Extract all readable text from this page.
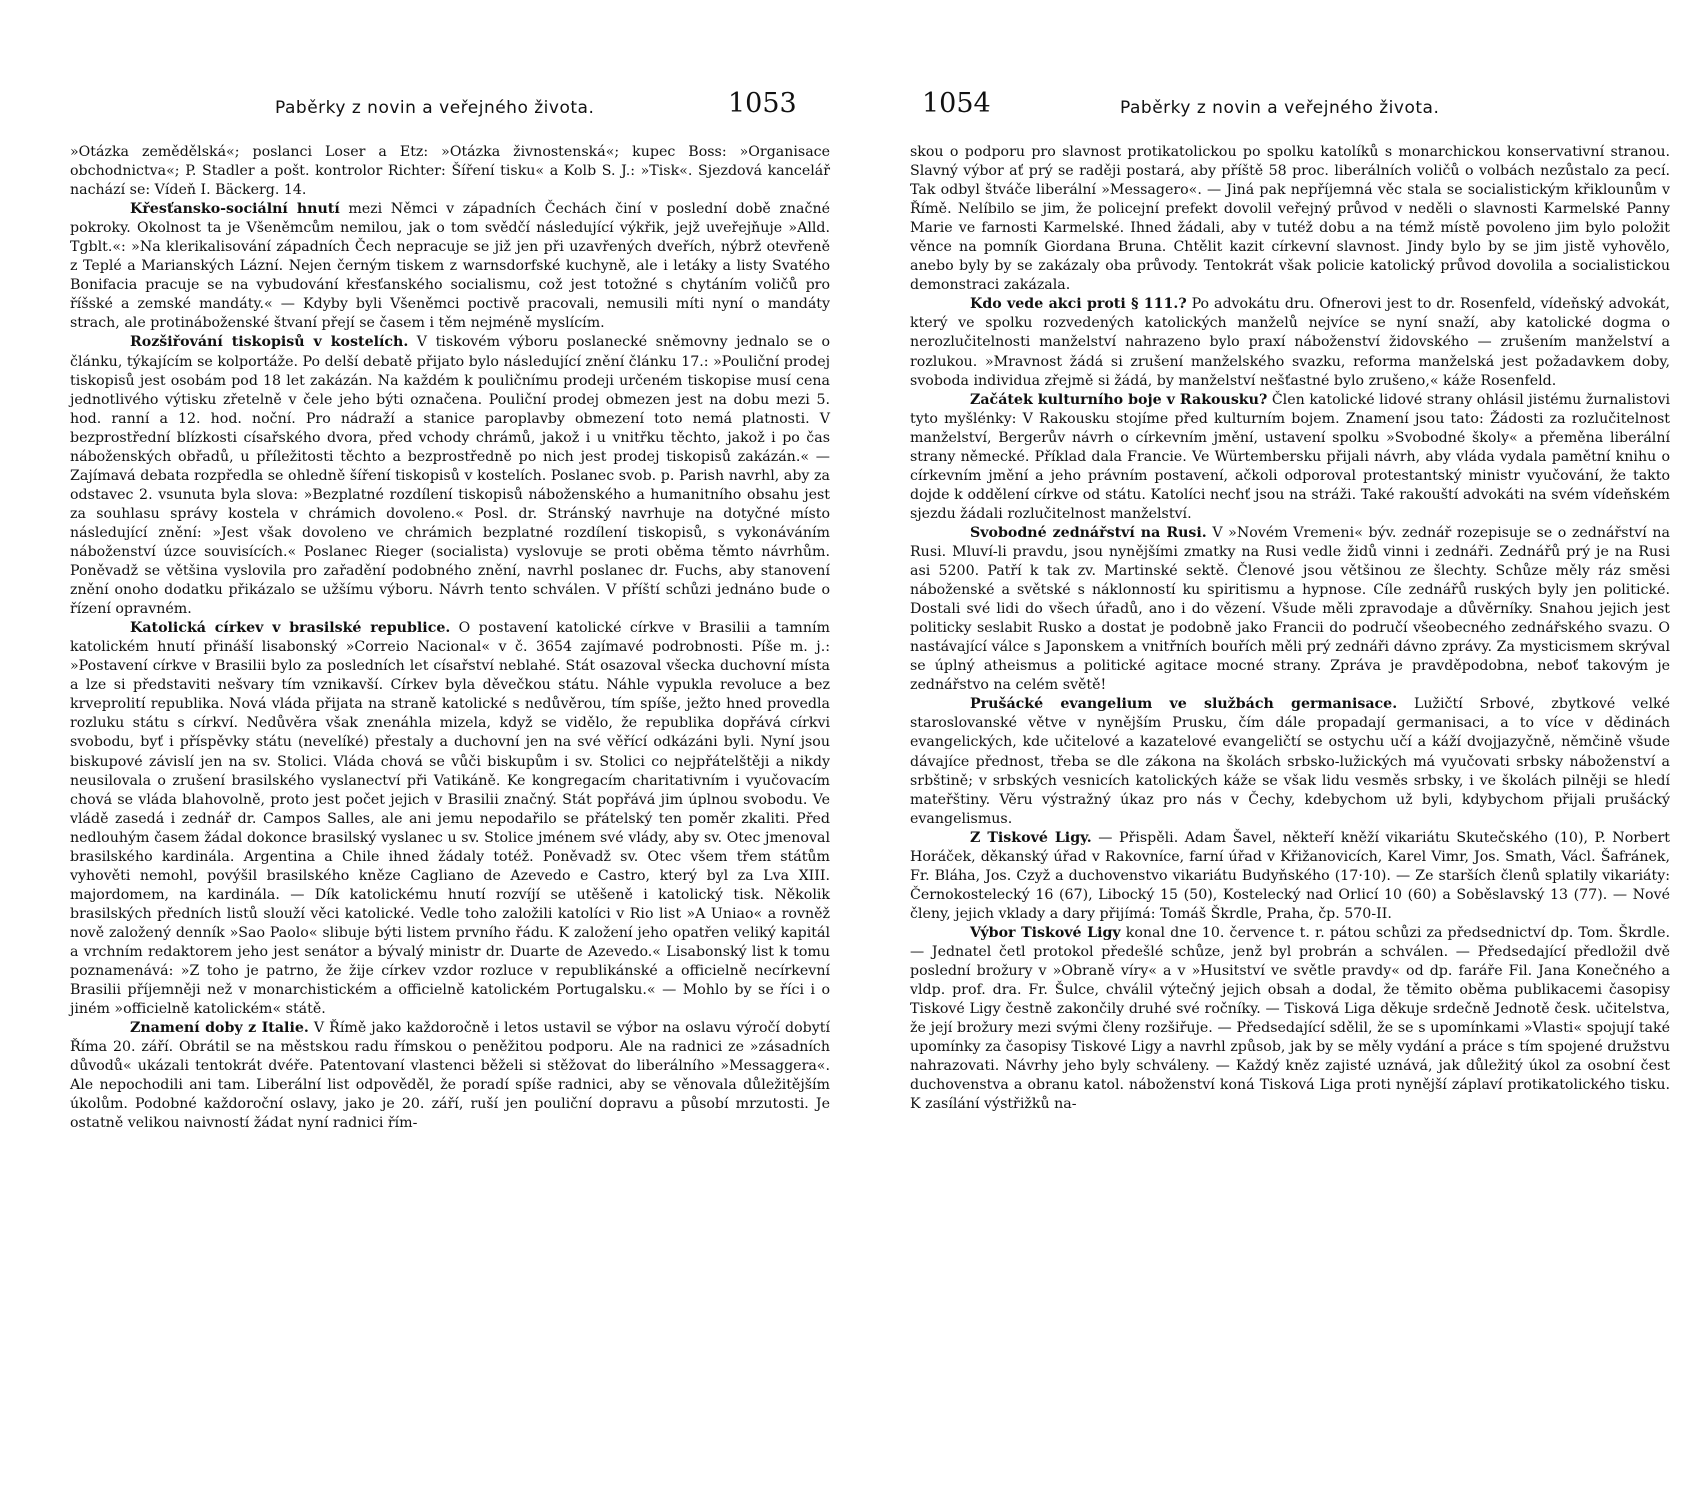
Paběrky z novin a veřejného života.	1053

»Otázka zemědělská«; poslanci Loser a Etz: »Otázka živnostenská«; kupec Boss: »Organisace obchodnictva«; P. Stadler a pošt. kontrolor Richter: Šíření tisku« a Kolb S. J.: »Tisk«. Sjezdová kancelář nachází se: Vídeň I. Bäckerg. 14.

Křesťansko-sociální hnutí mezi Němci v západních Čechách činí v poslední době značné pokroky. Okolnost ta je Všeněmcům nemilou, jak o tom svědčí následující výkřik, jejž uveřejňuje »Alld. Tgblt.«: »Na klerikalisování západních Čech nepracuje se již jen při uzavřených dveřích, nýbrž otevřeně z Teplé a Marianských Lázní. Nejen černým tiskem z warnsdorfské kuchyně, ale i letáky a listy Svatého Bonifacia pracuje se na vybudování křesťanského socialismu, což jest totožné s chytáním voličů pro říšské a zemské mandáty.« — Kdyby byli Všeněmci poctivě pracovali, nemusili míti nyní o mandáty strach, ale protináboženské štvaní přejí se časem i těm nejméně myslícím.

Rozšiřování tiskopisů v kostelích. V tiskovém výboru poslanecké sněmovny jednalo se o článku, týkajícím se kolportáže. Po delší debatě přijato bylo následující znění článku 17.: »Pouliční prodej tiskopisů jest osobám pod 18 let zakázán. Na každém k pouličnímu prodeji určeném tiskopise musí cena jednotlivého výtisku zřetelně v čele jeho býti označena. Pouliční prodej obmezen jest na dobu mezi 5. hod. ranní a 12. hod. noční. Pro nádraží a stanice paroplavby obmezení toto nemá platnosti. V bezprostřední blízkosti císařského dvora, před vchody chrámů, jakož i u vnitřku těchto, jakož i po čas náboženských obřadů, u příležitosti těchto a bezprostředně po nich jest prodej tiskopisů zakázán.« — Zajímavá debata rozpředla se ohledně šíření tiskopisů v kostelích. Poslanec svob. p. Parish navrhl, aby za odstavec 2. vsunuta byla slova: »Bezplatné rozdílení tiskopisů náboženského a humanitního obsahu jest za souhlasu správy kostela v chrámich dovoleno.« Posl. dr. Stránský navrhuje na dotyčné místo následující znění: »Jest však dovoleno ve chrámich bezplatné rozdílení tiskopisů, s vykonáváním náboženství úzce souvisících.« Poslanec Rieger (socialista) vyslovuje se proti oběma těmto návrhům. Poněvadž se většina vyslovila pro zařadění podobného znění, navrhl poslanec dr. Fuchs, aby stanovení znění onoho dodatku přikázalo se užšímu výboru. Návrh tento schválen. V příští schůzi jednáno bude o řízení opravném.

Katolická církev v brasilské republice. O postavení katolické církve v Brasilii a tamním katolickém hnutí přináší lisabonský »Correio Nacional« v č. 3654 zajímavé podrobnosti. Píše m. j.: »Postavení církve v Brasilii bylo za posledních let císařství neblahé. Stát osazoval všecka duchovní místa a lze si představiti nešvary tím vznikavší. Církev byla děvečkou státu. Náhle vypukla revoluce a bez krveprolití republika. Nová vláda přijata na straně katolické s nedůvěrou, tím spíše, ježto hned provedla rozluku státu s církví. Nedůvěra však znenáhla mizela, když se vidělo, že republika dopřává církvi svobodu, byť i příspěvky státu (nevelíké) přestaly a duchovní jen na své věřící odkázáni byli. Nyní jsou biskupové závislí jen na sv. Stolici. Vláda chová se vůči biskupům i sv. Stolici co nejpřátelštěji a nikdy neusilovala o zrušení brasilského vyslanectví při Vatikáně. Ke kongregacím charitativním i vyučovacím chová se vláda blahovolně, proto jest počet jejich v Brasilii značný. Stát popřává jim úplnou svobodu. Ve vládě zasedá i zednář dr. Campos Salles, ale ani jemu nepodařilo se přátelský ten poměr zkaliti. Před nedlouhým časem žádal dokonce brasilský vyslanec u sv. Stolice jménem své vlády, aby sv. Otec jmenoval brasilského kardinála. Argentina a Chile ihned žádaly totéž. Poněvadž sv. Otec všem třem státům vyhověti nemohl, povýšil brasilského kněze Cagliano de Azevedo e Castro, který byl za Lva XIII. majordomem, na kardinála. — Dík katolickému hnutí rozvíjí se utěšeně i katolický tisk. Několik brasilských předních listů slouží věci katolické. Vedle toho založili katolíci v Rio list »A Uniao« a rovněž nově založený denník »Sao Paolo« slibuje býti listem prvního řádu. K založení jeho opatřen veliký kapitál a vrchním redaktorem jeho jest senátor a bývalý ministr dr. Duarte de Azevedo.« Lisabonský list k tomu poznamenává: »Z toho je patrno, že žije církev vzdor rozluce v republikánské a officielně necírkevní Brasilii příjemněji než v monarchistickém a officielně katolickém Portugalsku.« — Mohlo by se říci i o jiném »officielně katolickém« státě.

Znamení doby z Italie. V Římě jako každoročně i letos ustavil se výbor na oslavu výročí dobytí Říma 20. září. Obrátil se na městskou radu římskou o peněžitou podporu. Ale na radnici ze »zásadních důvodů« ukázali tentokrát dvéře. Patentovaní vlastenci běželi si stěžovat do liberálního »Messaggera«. Ale nepochodili ani tam. Liberální list odpověděl, že poradí spíše radnici, aby se věnovala důležitějším úkolům. Podobné každoroční oslavy, jako je 20. září, ruší jen pouliční dopravu a působí mrzutosti. Je ostatně velikou naivností žádat nyní radnici řím-

1054	Paběrky z novin a veřejného života.

skou o podporu pro slavnost protikatolickou po spolku katolíků s monarchickou konservativní stranou. Slavný výbor ať prý se raději postará, aby příště 58 proc. liberálních voličů o volbách nezůstalo za pecí. Tak odbyl štváče liberální »Messagero«. — Jiná pak nepříjemná věc stala se socialistickým křiklounům v Římě. Nelíbilo se jim, že policejní prefekt dovolil veřejný průvod v neděli o slavnosti Karmelské Panny Marie ve farnosti Karmelské. Ihned žádali, aby v tutéž dobu a na témž místě povoleno jim bylo položit věnce na pomník Giordana Bruna. Chtělit kazit církevní slavnost. Jindy bylo by se jim jistě vyhovělo, anebo byly by se zakázaly oba průvody. Tentokrát však policie katolický průvod dovolila a socialistickou demonstraci zakázala.

Kdo vede akci proti § 111.? Po advokátu dru. Ofnerovi jest to dr. Rosenfeld, vídeňský advokát, který ve spolku rozvedených katolických manželů nejvíce se nyní snaží, aby katolické dogma o nerozlučitelnosti manželství nahrazeno bylo praxí náboženství židovského — zrušením manželství a rozlukou. »Mravnost žádá si zrušení manželského svazku, reforma manželská jest požadavkem doby, svoboda individua zřejmě si žádá, by manželství nešťastné bylo zrušeno,« káže Rosenfeld.

Začátek kulturního boje v Rakousku? Člen katolické lidové strany ohlásil jistému žurnalistovi tyto myšlénky: V Rakousku stojíme před kulturním bojem. Znamení jsou tato: Žádosti za rozlučitelnost manželství, Bergerův návrh o církevním jmění, ustavení spolku »Svobodné školy« a přeměna liberální strany německé. Příklad dala Francie. Ve Würtembersku přijali návrh, aby vláda vydala pamětní knihu o církevním jmění a jeho právním postavení, ačkoli odporoval protestantský ministr vyučování, že takto dojde k oddělení církve od státu. Katolíci nechť jsou na stráži. Také rakouští advokáti na svém vídeňském sjezdu žádali rozlučitelnost manželství.

Svobodné zednářství na Rusi. V »Novém Vremeni« býv. zednář rozepisuje se o zednářství na Rusi. Mluví-li pravdu, jsou nynějšími zmatky na Rusi vedle židů vinni i zednáři. Zednářů prý je na Rusi asi 5200. Patří k tak zv. Martinské sektě. Členové jsou většinou ze šlechty. Schůze měly ráz směsi náboženské a světské s náklonností ku spiritismu a hypnose. Cíle zednářů ruských byly jen politické. Dostali své lidi do všech úřadů, ano i do vězení. Všude měli zpravodaje a důvěrníky. Snahou jejich jest politicky seslabit Rusko a dostat je podobně jako Francii do područí všeobecného zednářského svazu. O nastávající válce s Japonskem a vnitřních bouřích měli prý zednáři dávno zprávy. Za mysticismem skrýval se úplný atheismus a politické agitace mocné strany. Zpráva je pravděpodobna, neboť takovým je zednářstvo na celém světě!

Prušácké evangelium ve službách germanisace. Lužičtí Srbové, zbytkové velké staroslovanské větve v nynějším Prusku, čím dále propadají germanisaci, a to více v dědinách evangelických, kde učitelové a kazatelové evangeličtí se ostychu učí a káží dvojjazyčně, němčině všude dávajíce přednost, třeba se dle zákona na školách srbsko-lužických má vyučovati srbsky náboženství a srbštině; v srbských vesnicích katolických káže se však lidu vesměs srbsky, i ve školách pilněji se hledí mateřštiny. Věru výstražný úkaz pro nás v Čechy, kdebychom už byli, kdybychom přijali prušácký evangelismus.

Z Tiskové Ligy. — Přispěli. Adam Šavel, někteří kněží vikariátu Skutečského (10), P. Norbert Horáček, děkanský úřad v Rakovníce, farní úřad v Křižanovicích, Karel Vimr, Jos. Smath, Václ. Šafránek, Fr. Bláha, Jos. Czyž a duchovenstvo vikariátu Budyňského (17·10). — Ze starších členů splatily vikariáty: Černokostelecký 16 (67), Libocký 15 (50), Kostelecký nad Orlicí 10 (60) a Soběslavský 13 (77). — Nové členy, jejich vklady a dary přijímá: Tomáš Škrdle, Praha, čp. 570-II.

Výbor Tiskové Ligy konal dne 10. července t. r. pátou schůzi za předsednictví dp. Tom. Škrdle. — Jednatel četl protokol předešlé schůze, jenž byl probrán a schválen. — Předsedající předložil dvě poslední brožury v »Obraně víry« a v »Husitství ve světle pravdy« od dp. faráře Fil. Jana Konečného a vldp. prof. dra. Fr. Šulce, chválil výtečný jejich obsah a dodal, že těmito oběma publikacemi časopisy Tiskové Ligy čestně zakončily druhé své ročníky. — Tisková Liga děkuje srdečně Jednotě česk. učitelstva, že její brožury mezi svými členy rozšiřuje. — Předsedající sdělil, že se s upomínkami »Vlasti« spojují také upomínky za časopisy Tiskové Ligy a navrhl způsob, jak by se měly vydání a práce s tím spojené družstvu nahrazovati. Návrhy jeho byly schváleny. — Každý kněz zajisté uznává, jak důležitý úkol za osobní čest duchovenstva a obranu katol. náboženství koná Tisková Liga proti nynější záplaví protikatolického tisku. K zasílání výstřižků na-
